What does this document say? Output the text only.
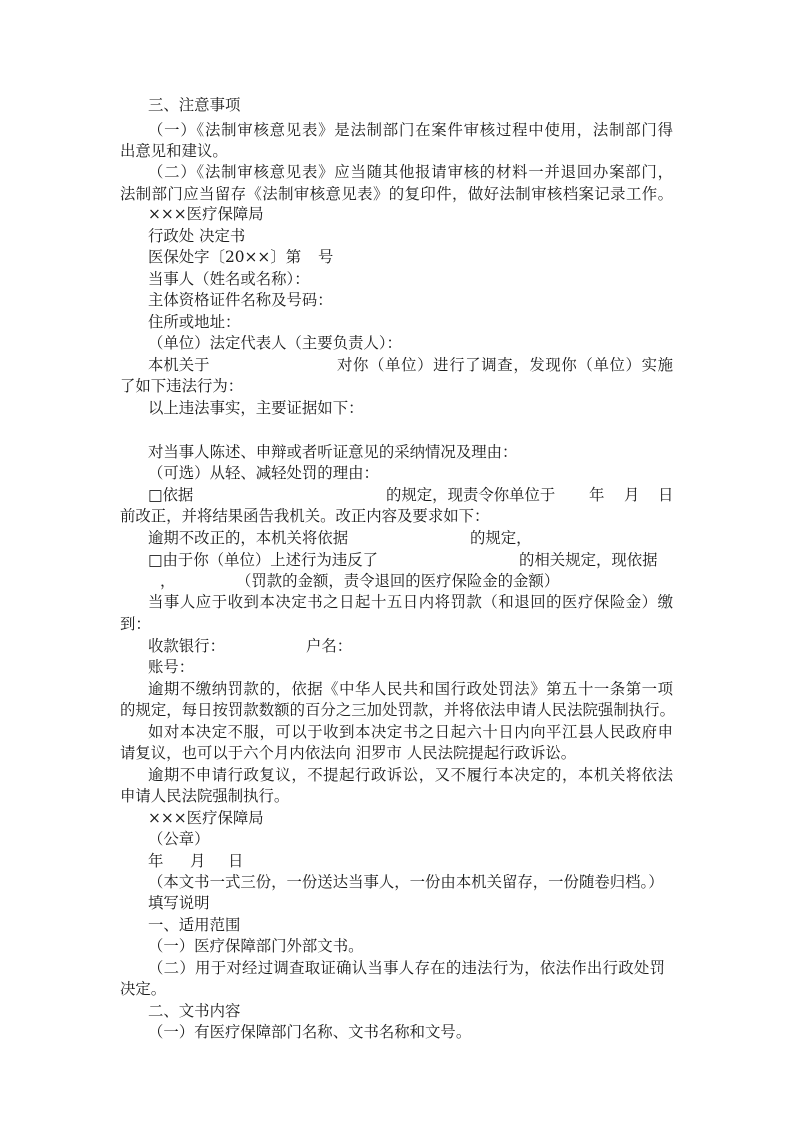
三、注意事项
（一）《法制审核意见表》是法制部门在案件审核过程中使用，法制部门得
出意见和建议。
（二）《法制审核意见表》应当随其他报请审核的材料一并退回办案部门，
法制部门应当留存《法制审核意见表》的复印件，做好法制审核档案记录工作。
×××医疗保障局
行政处 决定书
医保处字〔20××〕第 号
当事人（姓名或名称）：
主体资格证件名称及号码：
住所或地址：
（单位）法定代表人（主要负责人）：
本机关于	对你（单位）进行了调查，发现你（单位）实施
了如下违法行为：
以上违法事实，主要证据如下：
对当事人陈述、申辩或者听证意见的采纳情况及理由：
（可选）从轻、减轻处罚的理由：
□依据	的规定，现责令你单位于 年 月 日
前改正，并将结果函告我机关。改正内容及要求如下：
逾期不改正的，本机关将依据	的规定，
□由于你（单位）上述行为违反了	的相关规定，现依据
，	（罚款的金额，责令退回的医疗保险金的金额）
当事人应于收到本决定书之日起十五日内将罚款（和退回的医疗保险金）缴
到：
收款银行：	户名：
账号：
逾期不缴纳罚款的，依据《中华人民共和国行政处罚法》第五十一条第一项
的规定，每日按罚款数额的百分之三加处罚款，并将依法申请人民法院强制执行。
如对本决定不服，可以于收到本决定书之日起六十日内向平江县人民政府申
请复议，也可以于六个月内依法向 汨罗市 人民法院提起行政诉讼。
逾期不申请行政复议，不提起行政诉讼，又不履行本决定的，本机关将依法
申请人民法院强制执行。
×××医疗保障局
（公章）
年 月 日
（本文书一式三份，一份送达当事人，一份由本机关留存，一份随卷归档。）
填写说明
一、适用范围
（一）医疗保障部门外部文书。
（二）用于对经过调查取证确认当事人存在的违法行为，依法作出行政处罚
决定。
二、文书内容
（一）有医疗保障部门名称、文书名称和文号。
